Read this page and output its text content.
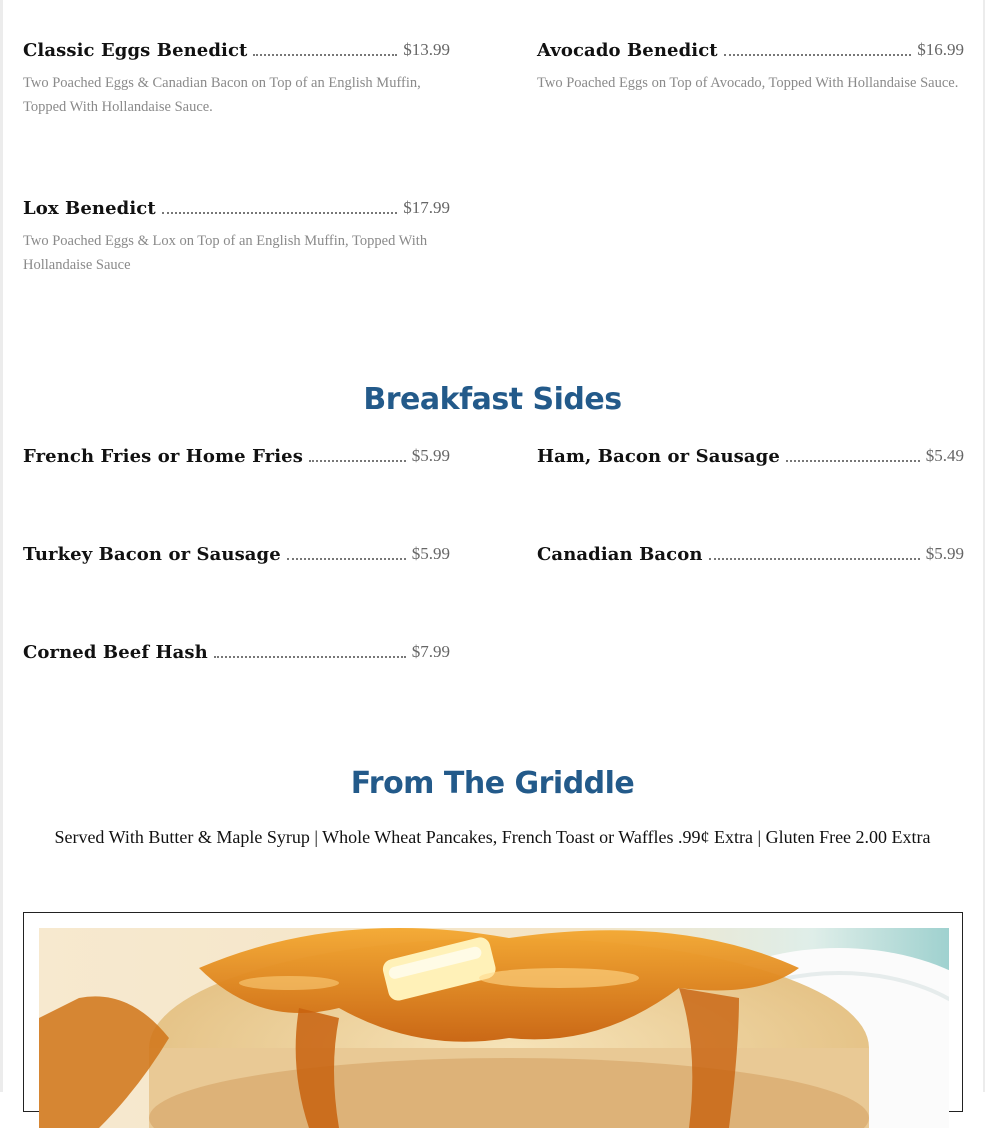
Classic Eggs Benedict	$13.99
Two Poached Eggs & Canadian Bacon on Top of an English Muffin, Topped With Hollandaise Sauce.
Avocado Benedict	$16.99
Two Poached Eggs on Top of Avocado, Topped With Hollandaise Sauce.
Lox Benedict	$17.99
Two Poached Eggs & Lox on Top of an English Muffin, Topped With Hollandaise Sauce
Breakfast Sides
French Fries or Home Fries	$5.99	Ham, Bacon or Sausage	$5.49
Turkey Bacon or Sausage	$5.99	Canadian Bacon	$5.99
Corned Beef Hash	$7.99
From The Griddle
Served With Butter & Maple Syrup | Whole Wheat Pancakes, French Toast or Waffles .99¢ Extra | Gluten Free 2.00 Extra
